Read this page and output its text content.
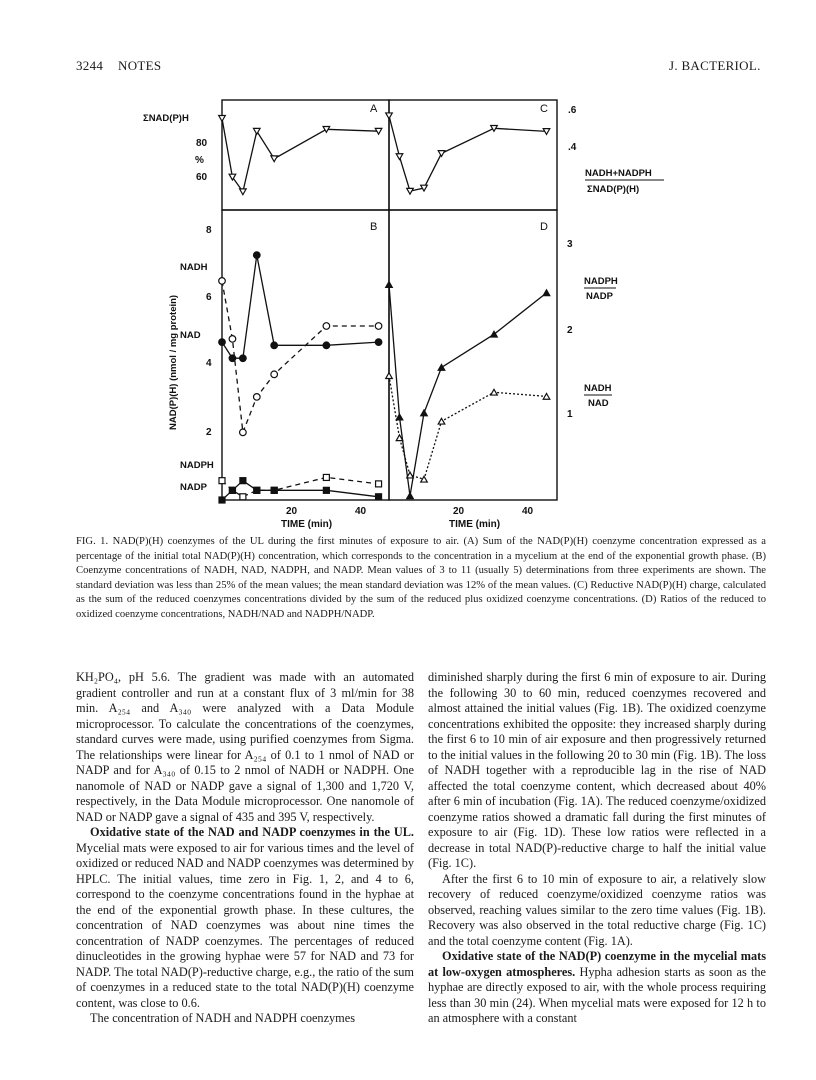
3244 NOTES	J. BACTERIOL.
A
B
C
D
ΣNAD(P)H
%
80
60
NAD(P)(H) (nmol / mg protein)
8
6
4
2
NADH
NAD
NADPH
NADP
.6
.4
NADH+NADPH
ΣNAD(P)(H)
3
2
1
NADPH
NADP
NADH
NAD
20	40	20	40
TIME (min)	TIME (min)
FIG. 1. NAD(P)(H) coenzymes of the UL during the first minutes of exposure to air. (A) Sum of the NAD(P)(H) coenzyme concentration expressed as a percentage of the initial total NAD(P)(H) concentration, which corresponds to the concentration in a mycelium at the end of the exponential growth phase. (B) Coenzyme concentrations of NADH, NAD, NADPH, and NADP. Mean values of 3 to 11 (usually 5) determinations from three experiments are shown. The standard deviation was less than 25% of the mean values; the mean standard deviation was 12% of the mean values. (C) Reductive NAD(P)(H) charge, calculated as the sum of the reduced coenzymes concentrations divided by the sum of the reduced plus oxidized coenzyme concentrations. (D) Ratios of the reduced to oxidized coenzyme concentrations, NADH/NAD and NADPH/NADP.

KH₂PO₄, pH 5.6. The gradient was made with an automated gradient controller and run at a constant flux of 3 ml/min for 38 min. A₂₅₄ and A₃₄₀ were analyzed with a Data Module microprocessor. To calculate the concentrations of the coenzymes, standard curves were made, using purified coenzymes from Sigma. The relationships were linear for A₂₅₄ of 0.1 to 1 nmol of NAD or NADP and for A₃₄₀ of 0.15 to 2 nmol of NADH or NADPH. One nanomole of NAD or NADP gave a signal of 1,300 and 1,720 V, respectively, in the Data Module microprocessor. One nanomole of NAD or NADP gave a signal of 435 and 395 V, respectively.

Oxidative state of the NAD and NADP coenzymes in the UL. Mycelial mats were exposed to air for various times and the level of oxidized or reduced NAD and NADP coenzymes was determined by HPLC. The initial values, time zero in Fig. 1, 2, and 4 to 6, correspond to the coenzyme concentrations found in the hyphae at the end of the exponential growth phase. In these cultures, the concentration of NAD coenzymes was about nine times the concentration of NADP coenzymes. The percentages of reduced dinucleotides in the growing hyphae were 57 for NAD and 73 for NADP. The total NAD(P)-reductive charge, e.g., the ratio of the sum of coenzymes in a reduced state to the total NAD(P)(H) coenzyme content, was close to 0.6.

The concentration of NADH and NADPH coenzymes

diminished sharply during the first 6 min of exposure to air. During the following 30 to 60 min, reduced coenzymes recovered and almost attained the initial values (Fig. 1B). The oxidized coenzyme concentrations exhibited the opposite: they increased sharply during the first 6 to 10 min of air exposure and then progressively returned to the initial values in the following 20 to 30 min (Fig. 1B). The loss of NADH together with a reproducible lag in the rise of NAD affected the total coenzyme content, which decreased about 40% after 6 min of incubation (Fig. 1A). The reduced coenzyme/oxidized coenzyme ratios showed a dramatic fall during the first minutes of exposure to air (Fig. 1D). These low ratios were reflected in a decrease in total NAD(P)-reductive charge to half the initial value (Fig. 1C).

After the first 6 to 10 min of exposure to air, a relatively slow recovery of reduced coenzyme/oxidized coenzyme ratios was observed, reaching values similar to the zero time values (Fig. 1B). Recovery was also observed in the total reductive charge (Fig. 1C) and the total coenzyme content (Fig. 1A).

Oxidative state of the NAD(P) coenzyme in the mycelial mats at low-oxygen atmospheres. Hypha adhesion starts as soon as the hyphae are directly exposed to air, with the whole process requiring less than 30 min (24). When mycelial mats were exposed for 12 h to an atmosphere with a constant
